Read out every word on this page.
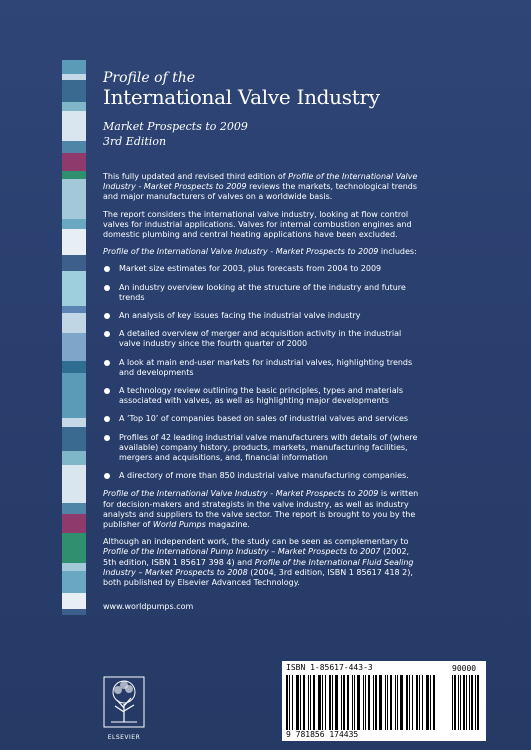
Profile of the
International Valve Industry
Market Prospects to 2009
3rd Edition

This fully updated and revised third edition of Profile of the International Valve Industry - Market Prospects to 2009 reviews the markets, technological trends and major manufacturers of valves on a worldwide basis.

The report considers the international valve industry, looking at flow control valves for industrial applications. Valves for internal combustion engines and domestic plumbing and central heating applications have been excluded.

Profile of the International Valve Industry - Market Prospects to 2009 includes:

Market size estimates for 2003, plus forecasts from 2004 to 2009
An industry overview looking at the structure of the industry and future trends
An analysis of key issues facing the industrial valve industry
A detailed overview of merger and acquisition activity in the industrial valve industry since the fourth quarter of 2000
A look at main end-user markets for industrial valves, highlighting trends and developments
A technology review outlining the basic principles, types and materials associated with valves, as well as highlighting major developments
A ‘Top 10’ of companies based on sales of industrial valves and services
Profiles of 42 leading industrial valve manufacturers with details of (where available) company history, products, markets, manufacturing facilities, mergers and acquisitions, and, financial information
A directory of more than 850 industrial valve manufacturing companies.

Profile of the International Valve Industry - Market Prospects to 2009 is written for decision-makers and strategists in the valve industry, as well as industry analysts and suppliers to the valve sector. The report is brought to you by the publisher of World Pumps magazine.

Although an independent work, the study can be seen as complementary to Profile of the International Pump Industry – Market Prospects to 2007 (2002, 5th edition, ISBN 1 85617 398 4) and Profile of the International Fluid Sealing Industry – Market Prospects to 2008 (2004, 3rd edition, ISBN 1 85617 418 2), both published by Elsevier Advanced Technology.

www.worldpumps.com
ELSEVIER
ISBN 1-85617-443-3	90000
9 781856 174435
